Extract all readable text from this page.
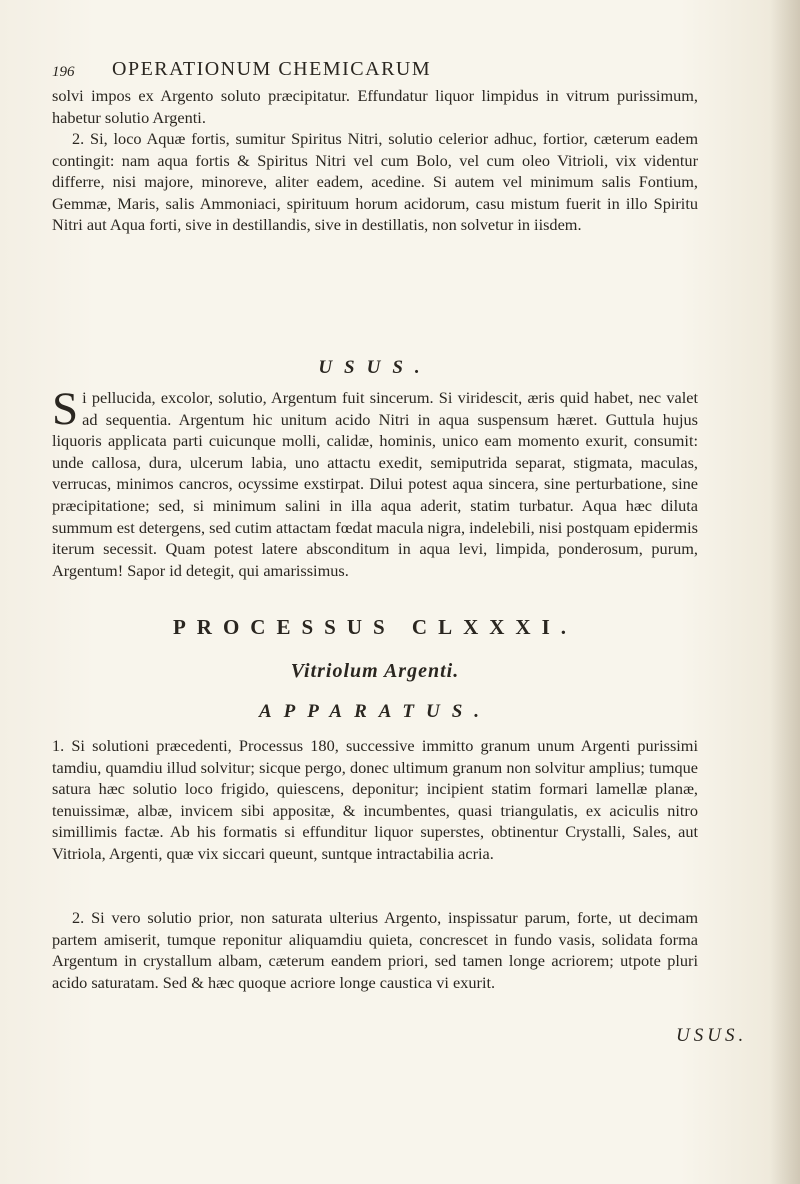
196 OPERATIONUM CHEMICARUM

solvi impos ex Argento soluto præcipitatur. Effundatur liquor limpidus in vitrum purissimum, habetur solutio Argenti.

2. Si, loco Aquæ fortis, sumitur Spiritus Nitri, solutio celerior adhuc, fortior, cæterum eadem contingit: nam aqua fortis & Spiritus Nitri vel cum Bolo, vel cum oleo Vitrioli, vix videntur differre, nisi majore, minoreve, aliter eadem, acedine. Si autem vel minimum salis Fontium, Gemmæ, Maris, salis Ammoniaci, spirituum horum acidorum, casu mistum fuerit in illo Spiritu Nitri aut Aqua forti, sive in destillandis, sive in destillatis, non solvetur in iisdem.

USUS.

Si pellucida, excolor, solutio, Argentum fuit sincerum. Si viridescit, æris quid habet, nec valet ad sequentia. Argentum hic unitum acido Nitri in aqua suspensum hæret. Guttula hujus liquoris applicata parti cuicunque molli, calidæ, hominis, unico eam momento exurit, consumit: unde callosa, dura, ulcerum labia, uno attactu exedit, semiputrida separat, stigmata, maculas, verrucas, minimos cancros, ocyssime exstirpat. Dilui potest aqua sincera, sine perturbatione, sine præcipitatione; sed, si minimum salini in illa aqua aderit, statim turbatur. Aqua hæc diluta summum est detergens, sed cutim attactam fœdat macula nigra, indelebili, nisi postquam epidermis iterum secessit. Quam potest latere absconditum in aqua levi, limpida, ponderosum, purum, Argentum! Sapor id detegit, qui amarissimus.

PROCESSUS CLXXXI.
Vitriolum Argenti.
APPARATUS.

1. Si solutioni præcedenti, Processus 180, successive immitto granum unum Argenti purissimi tamdiu, quamdiu illud solvitur; sicque pergo, donec ultimum granum non solvitur amplius; tumque satura hæc solutio loco frigido, quiescens, deponitur; incipient statim formari lamellæ planæ, tenuissimæ, albæ, invicem sibi appositæ, & incumbentes, quasi triangulatis, ex aciculis nitro simillimis factæ. Ab his formatis si effunditur liquor superstes, obtinentur Crystalli, Sales, aut Vitriola, Argenti, quæ vix siccari queunt, suntque intractabilia acria.

2. Si vero solutio prior, non saturata ulterius Argento, inspissatur parum, forte, ut decimam partem amiserit, tumque reponitur aliquamdiu quieta, concrescet in fundo vasis, solidata forma Argentum in crystallum albam, cæterum eandem priori, sed tamen longe acriorem; utpote pluri acido saturatam. Sed & hæc quoque acriore longe caustica vi exurit.

USUS.
